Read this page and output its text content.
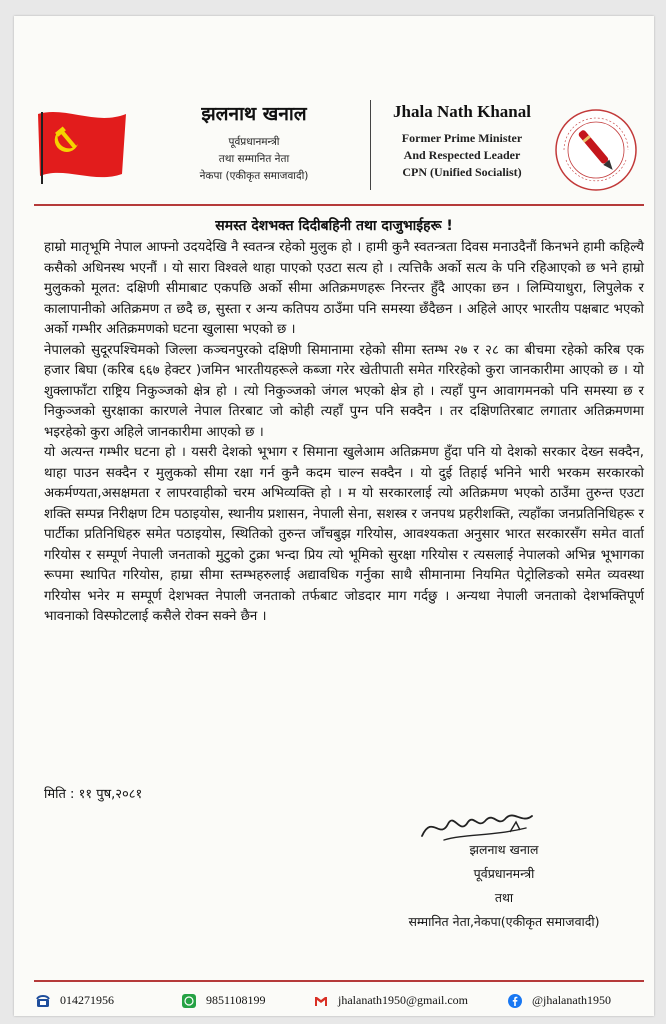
झलनाथ खनाल
पूर्वप्रधानमन्त्री
तथा सम्मानित नेता
नेकपा (एकीकृत समाजवादी)
Jhala Nath Khanal
Former Prime Minister
And Respected Leader
CPN (Unified Socialist)
समस्त देशभक्त दिदीबहिनी तथा दाजुभाईहरू !

हाम्रो मातृभूमि नेपाल आफ्नो उदयदेखि नै स्वतन्त्र रहेको मुलुक हो । हामी कुनै स्वतन्त्रता दिवस मनाउदैनौं किनभने हामी कहिल्यै कसैको अधिनस्थ भएनौं । यो सारा विश्वले थाहा पाएको एउटा सत्य हो । त्यत्तिकै अर्को सत्य के पनि रहिआएको छ भने हाम्रो मुलुकको मूलत: दक्षिणी सीमाबाट एकपछि अर्को सीमा अतिक्रमणहरू निरन्तर हुँदै आएका छन । लिम्पियाधुरा, लिपुलेक र कालापानीको अतिक्रमण त छदै छ, सुस्ता र अन्य कतिपय ठाउँमा पनि समस्या छँदैछन । अहिले आएर भारतीय पक्षबाट भएको अर्को गम्भीर अतिक्रमणको घटना खुलासा भएको छ ।

नेपालको सुदूरपश्चिमको जिल्ला कञ्चनपुरको दक्षिणी सिमानामा रहेको सीमा स्तम्भ २७ र २८ का बीचमा रहेको करिब एक हजार बिघा (करिब ६६७ हेक्टर )जमिन भारतीयहरूले कब्जा गरेर खेतीपाती समेत गरिरहेको कुरा जानकारीमा आएको छ । यो शुक्लाफाँटा राष्ट्रिय निकुञ्जको क्षेत्र हो । त्यो निकुञ्जको जंगल भएको क्षेत्र हो । त्यहाँ पुग्न आवागमनको पनि समस्या छ र निकुञ्जको सुरक्षाका कारणले नेपाल तिरबाट जो कोही त्यहाँ पुग्न पनि सक्दैन । तर दक्षिणतिरबाट लगातार अतिक्रमणमा भइरहेको कुरा अहिले जानकारीमा आएको छ ।

यो अत्यन्त गम्भीर घटना हो । यसरी देशको भूभाग र सिमाना खुलेआम अतिक्रमण हुँदा पनि यो देशको सरकार देख्न सक्दैन, थाहा पाउन सक्दैन र मुलुकको सीमा रक्षा गर्न कुनै कदम चाल्न सक्दैन । यो दुई तिहाई भनिने भारी भरकम सरकारको अकर्मण्यता,असक्षमता र लापरवाहीको चरम अभिव्यक्ति हो । म यो सरकारलाई त्यो अतिक्रमण भएको ठाउँमा तुरुन्त एउटा शक्ति सम्पन्न निरीक्षण टिम पठाइयोस, स्थानीय प्रशासन, नेपाली सेना, सशस्त्र र जनपथ प्रहरीशक्ति, त्यहाँका जनप्रतिनिधिहरू र पार्टीका प्रतिनिधिहरु समेत पठाइयोस, स्थितिको तुरुन्त जाँचबुझ गरियोस, आवश्यकता अनुसार भारत सरकारसँग समेत वार्ता गरियोस र सम्पूर्ण नेपाली जनताको मुटुको टुक्रा भन्दा प्रिय त्यो भूमिको सुरक्षा गरियोस र त्यसलाई नेपालको अभिन्न भूभागका रूपमा स्थापित गरियोस, हाम्रा सीमा स्तम्भहरुलाई अद्यावधिक गर्नुका साथै सीमानामा नियमित पेट्रोलिङको समेत व्यवस्था गरियोस भनेर म सम्पूर्ण देशभक्त नेपाली जनताको तर्फबाट जोडदार माग गर्दछु । अन्यथा नेपाली जनताको देशभक्तिपूर्ण भावनाको विस्फोटलाई कसैले रोक्न सक्ने छैन ।

मिति : ११ पुष,२०८१
झलनाथ खनाल
पूर्वप्रधानमन्त्री
तथा
सम्मानित नेता,नेकपा(एकीकृत समाजवादी)
014271956	9851108199	jhalanath1950@gmail.com	@jhalanath1950
